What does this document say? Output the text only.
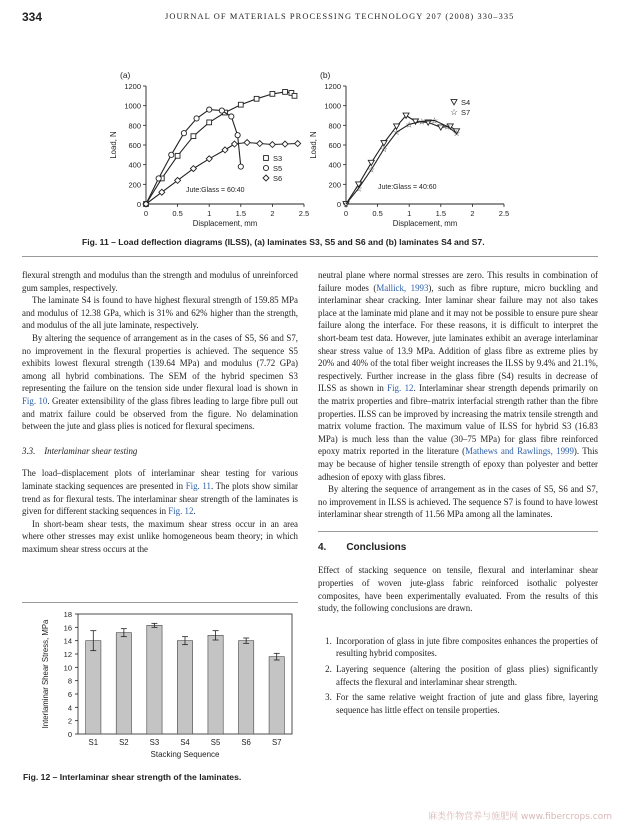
334	JOURNAL OF MATERIALS PROCESSING TECHNOLOGY 207 (2008) 330–335
(a)
0
200
400
600
800
1000
1200
0	0.5	1	1.5	2	2.5
Displacement, mm
Load, N	S3
S5
S6
Jute:Glass = 60:40
(b)
0
200
400
600
800
1000
1200
0	0.5	1	1.5	2	2.5
Displacement, mm
Load, N
☆
☆
☆
☆
☆
☆ ☆ ☆
☆
☆
S4
☆ S7
Jute:Glass = 40:60
Fig. 11 – Load deflection diagrams (ILSS), (a) laminates S3, S5 and S6 and (b) laminates S4 and S7.

flexural strength and modulus than the strength and modulus of unreinforced gum samples, respectively.

The laminate S4 is found to have highest flexural strength of 159.85 MPa and modulus of 12.38 GPa, which is 31% and 62% higher than the strength, and modulus of the all jute laminate, respectively.

By altering the sequence of arrangement as in the cases of S5, S6 and S7, no improvement in the flexural properties is achieved. The sequence S5 exhibits lowest flexural strength (139.64 MPa) and modulus (7.72 GPa) among all hybrid combinations. The SEM of the hybrid specimen S3 representing the failure on the tension side under flexural load is shown in Fig. 10. Greater extensibility of the glass fibres leading to large fibre pull out and matrix failure could be observed from the figure. No delamination between the jute and glass plies is noticed for flexural specimens.

3.3. Interlaminar shear testing

The load–displacement plots of interlaminar shear testing for various laminate stacking sequences are presented in Fig. 11. The plots show similar trend as for flexural tests. The interlaminar shear strength of the laminates is given for different stacking sequences in Fig. 12.

In short-beam shear tests, the maximum shear stress occur in an area where other stresses may exist unlike homogeneous beam theory; in which maximum shear stress occurs at the

0
2
4
6
8
10
12
14
16
18
S1	S2	S3	S4	S5	S6	S7
Stacking Sequence
Interlaminar Shear Stress, MPa
Fig. 12 – Interlaminar shear strength of the laminates.

neutral plane where normal stresses are zero. This results in combination of failure modes (Mallick, 1993), such as fibre rupture, micro buckling and interlaminar shear cracking. Inter laminar shear failure may not also takes place at the laminate mid plane and it may not be possible to ensure pure shear failure along the interface. For these reasons, it is difficult to interpret the short-beam test data. However, jute laminates exhibit an average interlaminar shear stress value of 13.9 MPa. Addition of glass fibre as extreme plies by 20% and 40% of the total fiber weight increases the ILSS by 9.4% and 21.1%, respectively. Further increase in the glass fibre (S4) results in decrease of ILSS as shown in Fig. 12. Interlaminar shear strength depends primarily on the matrix properties and fibre–matrix interfacial strength rather than the fibre properties. ILSS can be improved by increasing the matrix tensile strength and matrix volume fraction. The maximum value of ILSS for hybrid S3 (16.83 MPa) is much less than the value (30–75 MPa) for glass fibre reinforced epoxy matrix reported in the literature (Mathews and Rawlings, 1999). This may be because of higher tensile strength of epoxy than polyester and better adhesion of epoxy with glass fibres.

By altering the sequence of arrangement as in the cases of S5, S6 and S7, no improvement in ILSS is achieved. The sequence S7 is found to have lowest interlaminar shear strength of 11.56 MPa among all the laminates.

4.  Conclusions

Effect of stacking sequence on tensile, flexural and interlaminar shear properties of woven jute-glass fabric reinforced isothalic polyester composites, have been experimentally evaluated. From the results of this study, the following conclusions are drawn.

1. Incorporation of glass in jute fibre composites enhances the properties of resulting hybrid composites.
2. Layering sequence (altering the position of glass plies) significantly affects the flexural and interlaminar shear strength.
3. For the same relative weight fraction of jute and glass fibre, layering sequence has little effect on tensile properties.
麻类作物营养与施肥网 www.fibercrops.com
